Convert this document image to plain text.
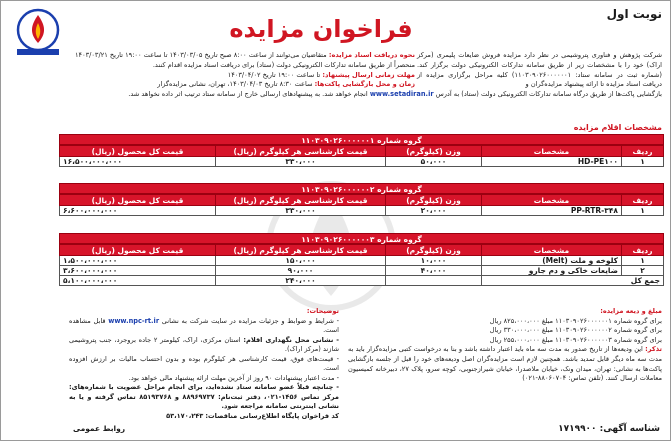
نوبت اول
فراخوان مزایده
شرکت پژوهش و فناوری پتروشیمی در نظر دارد مزایده فروش ضایعات پلیمری (مرکز اراک) خود را با مشخصات زیر از طریق سامانه تدارکات الکترونیکی دولت برگزار کند. (شماره ثبت در سامانه ستاد: ۱۱۰۳۰۹۰۲۶۰۰۰۰۰۰۱) کلیه مراحل برگزاری مزایده از دریافت اسناد مزایده تا ارائه پیشنهاد مزایده‌گران و
بازگشایی پاکت‌ها از طریق درگاه سامانه تدارکات الکترونیکی دولت (ستاد) به آدرس www.setadiran.ir انجام خواهد شد. به پیشنهادهای ارسالی خارج از سامانه ستاد ترتیب اثر داده نخواهد شد.
نحوه دریافت اسناد مزایده: متقاضیان می‌توانند از ساعت ۸:۰۰ صبح تاریخ ۱۴۰۳/۰۳/۰۵ تا ساعت ۱۹:۰۰ تاریخ ۱۴۰۳/۰۳/۲۱ منحصراً از طریق سامانه تدارکات الکترونیکی دولت (ستاد) برای دریافت اسناد مزایده اقدام کنند.
مهلت زمانی ارسال پیشنهاد: تا ساعت ۱۹:۰۰ تاریخ ۱۴۰۳/۰۴/۰۲
زمان و محل بازگشایی پاکت‌ها: ساعت ۸:۳۰ تاریخ ۱۴۰۳/۰۴/۰۳، تهران، نشانی مزایده‌گزار
مشخصات اقلام مزایده
گروه شماره ۱۱۰۳۰۹۰۲۶۰۰۰۰۰۰۱
ردیف	مشخصات	وزن (کیلوگرم)	قیمت کارشناسی هر کیلوگرم (ریال)	قیمت کل محصول (ریال)
۱	HD-PE۱۰۰	۵۰،۰۰۰	۳۳۰،۰۰۰	۱۶،۵۰۰،۰۰۰،۰۰۰
گروه شماره ۱۱۰۳۰۹۰۲۶۰۰۰۰۰۰۲
ردیف	مشخصات	وزن (کیلوگرم)	قیمت کارشناسی هر کیلوگرم (ریال)	قیمت کل محصول (ریال)
۱	۳۴۸-PP-RTR	۲۰،۰۰۰	۳۳۰،۰۰۰	۶،۶۰۰،۰۰۰،۰۰۰
گروه شماره ۱۱۰۳۰۹۰۲۶۰۰۰۰۰۰۳
ردیف	مشخصات	وزن (کیلوگرم)	قیمت کارشناسی هر کیلوگرم (ریال)	قیمت کل محصول (ریال)
۱	کلوخه و ملت (Melt)	۱۰،۰۰۰	۱۵۰،۰۰۰	۱،۵۰۰،۰۰۰،۰۰۰
۲	ضایعات خاکی و دم جارو	۴۰،۰۰۰	۹۰،۰۰۰	۳،۶۰۰،۰۰۰،۰۰۰
جمع کل			۲۴۰،۰۰۰	۵،۱۰۰،۰۰۰،۰۰۰
توضیحات:
- شرایط و ضوابط و جزئیات مزایده در سایت شرکت به نشانی www.npc-rt.ir قابل مشاهده است.
- نشانی محل نگهداری اقلام: استان مرکزی، اراک، کیلومتر ۲ جاده بروجرد، جنب پتروشیمی شازند (مرکز اراک).
- قیمت‌های فوق، قیمت کارشناسی هر کیلوگرم بوده و بدون احتساب مالیات بر ارزش افزوده است.
- مدت اعتبار پیشنهادات ۹۰ روز از آخرین مهلت ارائه پیشنهاد مالی خواهد بود.
- چنانچه قبلاً عضو سامانه ستاد نشده‌اید، برای انجام مراحل عضویت با شماره‌های: مرکز تماس ۱۴۵۶-۰۲۱، دفتر ثبت‌نام: ۸۸۹۶۹۷۳۷ و ۸۵۱۹۳۷۶۸ تماس گرفته و یا به نشانی اینترنتی سامانه مراجعه شود.
کد فراخوان پایگاه اطلاع‌رسانی مناقصات: ۵۳،۱۷۰،۲۴۳
مبلغ و دیعه مزایده:
برای گروه شماره ۱۱۰۳۰۹۰۲۶۰۰۰۰۰۰۱ مبلغ ۸۲۵،۰۰۰،۰۰۰ ریال
برای گروه شماره ۱۱۰۳۰۹۰۲۶۰۰۰۰۰۰۲ مبلغ ۳۳۰،۰۰۰،۰۰۰ ریال
برای گروه شماره ۱۱۰۳۰۹۰۲۶۰۰۰۰۰۰۳ مبلغ ۲۵۵،۰۰۰،۰۰۰ ریال
تذکر: این ودیعه‌ها از تاریخ صدور به مدت سه ماه باید اعتبار داشته باشد و بنا به درخواست کتبی مزایده‌گزار باید به مدت سه ماه دیگر قابل تمدید باشد. همچنین لازم است مزایده‌گران اصل ودیعه‌های خود را قبل از جلسه بازگشایی پاکت‌ها به نشانی: تهران، میدان ونک، خیابان ملاصدرا، خیابان شیرازجنوبی، کوچه سرو، پلاک ۲۷، دبیرخانه کمیسیون معاملات ارسال کنند. (تلفن تماس: ۸۸۰۶۰۷۰۴-۰۲۱)
روابط عمومی	شناسه آگهی: ۱۷۱۹۹۰۰
